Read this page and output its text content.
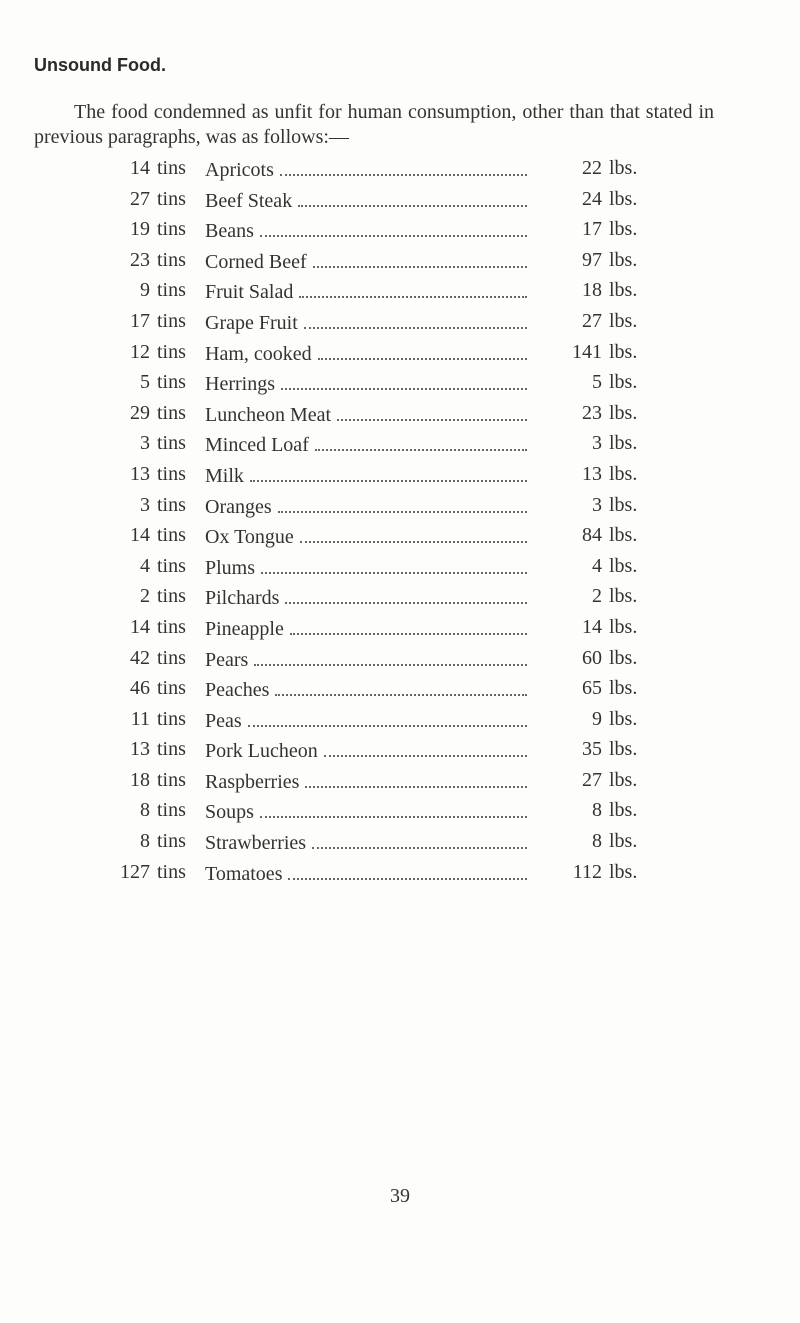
Unsound Food.

The food condemned as unfit for human consumption, other than that stated in previous paragraphs, was as follows:—

14 tins Apricots	22 lbs.
27 tins Beef Steak	24 lbs.
19 tins Beans	17 lbs.
23 tins Corned Beef	97 lbs.
9 tins Fruit Salad	18 lbs.
17 tins Grape Fruit	27 lbs.
12 tins Ham, cooked	141 lbs.
5 tins Herrings	5 lbs.
29 tins Luncheon Meat	23 lbs.
3 tins Minced Loaf	3 lbs.
13 tins Milk	13 lbs.
3 tins Oranges	3 lbs.
14 tins Ox Tongue	84 lbs.
4 tins Plums	4 lbs.
2 tins Pilchards	2 lbs.
14 tins Pineapple	14 lbs.
42 tins Pears	60 lbs.
46 tins Peaches	65 lbs.
11 tins Peas	9 lbs.
13 tins Pork Lucheon	35 lbs.
18 tins Raspberries	27 lbs.
8 tins Soups	8 lbs.
8 tins Strawberries	8 lbs.
127 tins Tomatoes	112 lbs.
39
